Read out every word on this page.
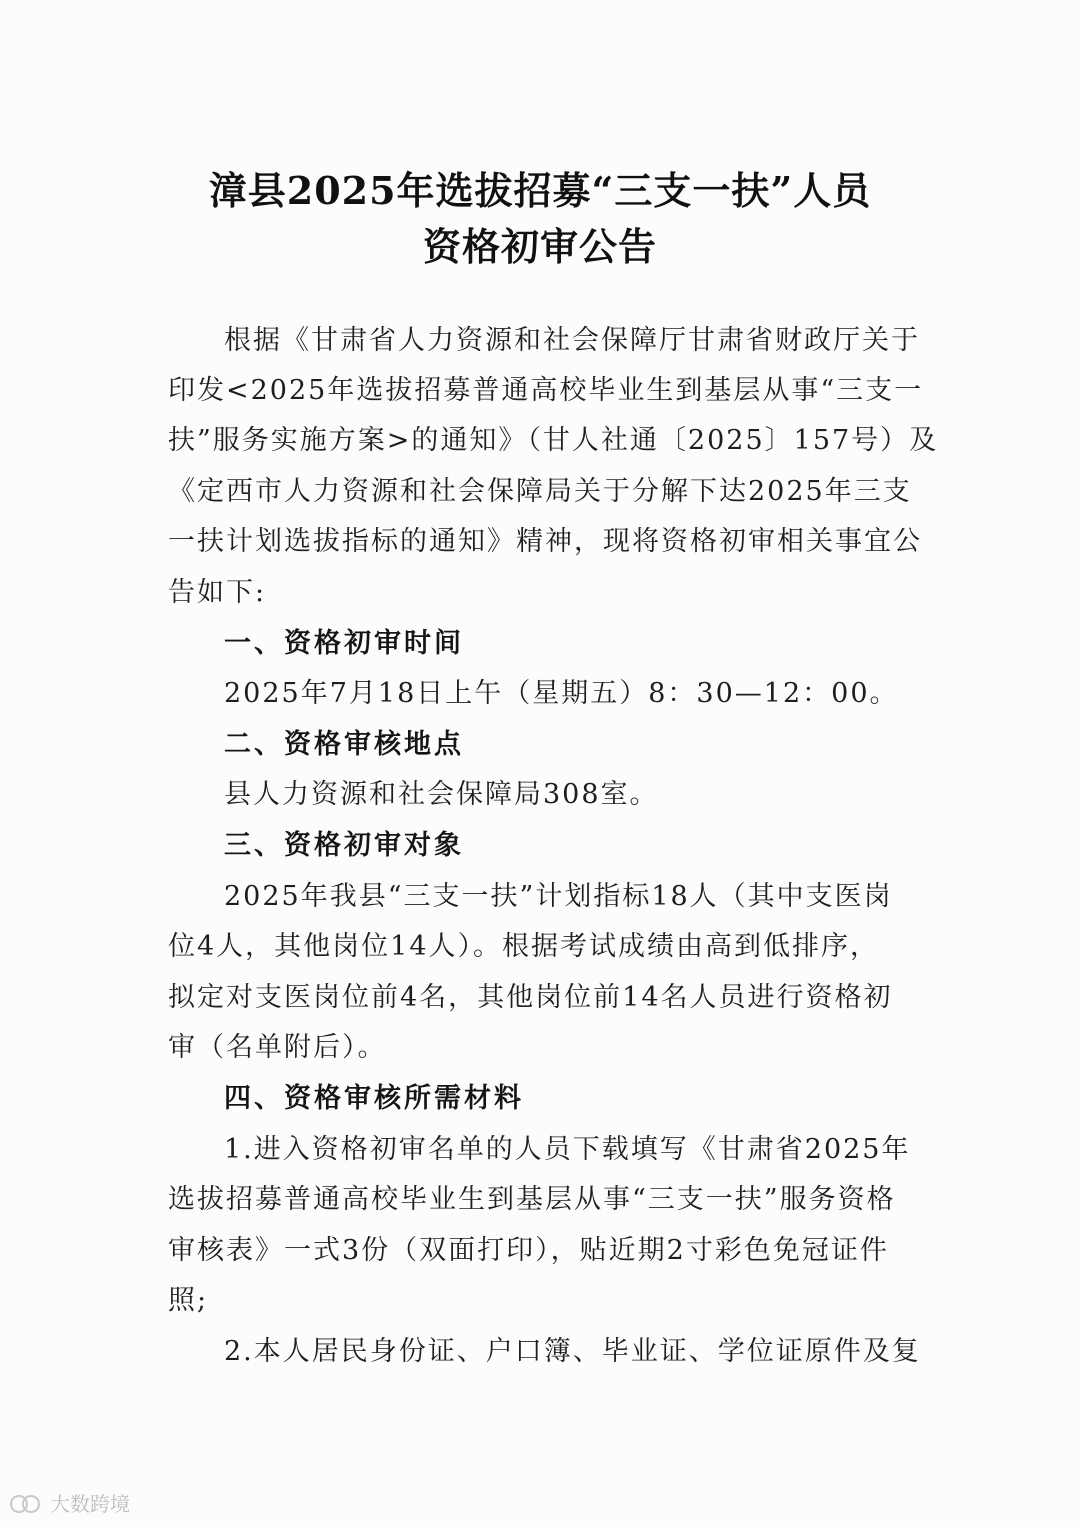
漳县2025年选拔招募“三支一扶”人员
资格初审公告
根据《甘肃省人力资源和社会保障厅甘肃省财政厅关于
印发<2025年选拔招募普通高校毕业生到基层从事“三支一
扶”服务实施方案>的通知》（甘人社通〔2025〕157号）及
《定西市人力资源和社会保障局关于分解下达2025年三支
一扶计划选拔指标的通知》精神，现将资格初审相关事宜公
告如下:
一、资格初审时间
2025年7月18日上午（星期五）8：30—12：00。
二、资格审核地点
县人力资源和社会保障局308室。
三、资格初审对象
2025年我县“三支一扶”计划指标18人（其中支医岗
位4人，其他岗位14人）。根据考试成绩由高到低排序，
拟定对支医岗位前4名，其他岗位前14名人员进行资格初
审（名单附后）。
四、资格审核所需材料
1.进入资格初审名单的人员下载填写《甘肃省2025年
选拔招募普通高校毕业生到基层从事“三支一扶”服务资格
审核表》一式3份（双面打印），贴近期2寸彩色免冠证件
照;
2.本人居民身份证、户口簿、毕业证、学位证原件及复
大数跨境
